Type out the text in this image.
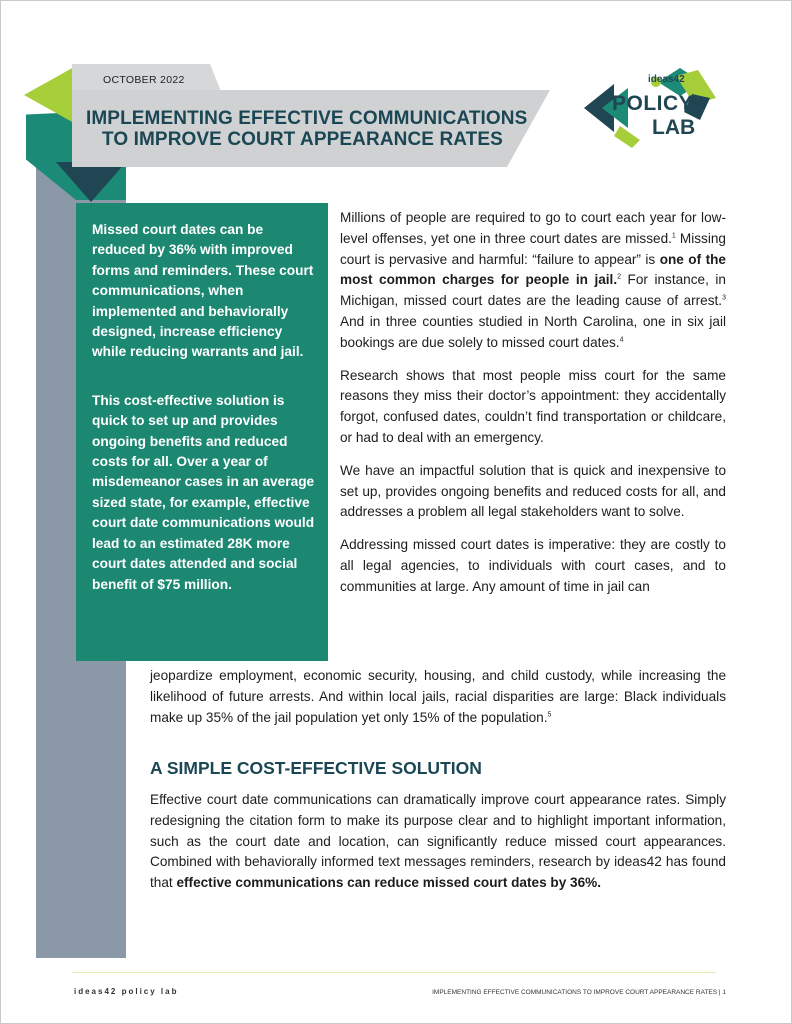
OCTOBER 2022
IMPLEMENTING EFFECTIVE COMMUNICATIONS
TO IMPROVE COURT APPEARANCE RATES
ideas42
POLICY
LAB

Missed court dates can be reduced by 36% with improved forms and reminders. These court communications, when implemented and behaviorally designed, increase efficiency while reducing warrants and jail.

This cost-effective solution is quick to set up and provides ongoing benefits and reduced costs for all. Over a year of misdemeanor cases in an average sized state, for example, effective court date communications would lead to an estimated 28K more court dates attended and social benefit of $75 million.

Millions of people are required to go to court each year for low-level offenses, yet one in three court dates are missed.$^1$ Missing court is pervasive and harmful: “failure to appear” is one of the most common charges for people in jail.$^2$ For instance, in Michigan, missed court dates are the leading cause of arrest.$^3$ And in three counties studied in North Carolina, one in six jail bookings are due solely to missed court dates.$^4$

Research shows that most people miss court for the same reasons they miss their doctor’s appointment: they accidentally forgot, confused dates, couldn’t find transportation or childcare, or had to deal with an emergency.

We have an impactful solution that is quick and inexpensive to set up, provides ongoing benefits and reduced costs for all, and addresses a problem all legal stakeholders want to solve.

Addressing missed court dates is imperative: they are costly to all legal agencies, to individuals with court cases, and to communities at large. Any amount of time in jail can

jeopardize employment, economic security, housing, and child custody, while increasing the likelihood of future arrests. And within local jails, racial disparities are large: Black individuals make up 35% of the jail population yet only 15% of the population.$^5$
A SIMPLE COST-EFFECTIVE SOLUTION
Effective court date communications can dramatically improve court appearance rates. Simply redesigning the citation form to make its purpose clear and to highlight important information, such as the court date and location, can significantly reduce missed court appearances. Combined with behaviorally informed text messages reminders, research by ideas42 has found that effective communications can reduce missed court dates by 36%.
ideas42 policy lab	IMPLEMENTING EFFECTIVE COMMUNICATIONS TO IMPROVE COURT APPEARANCE RATES | 1
